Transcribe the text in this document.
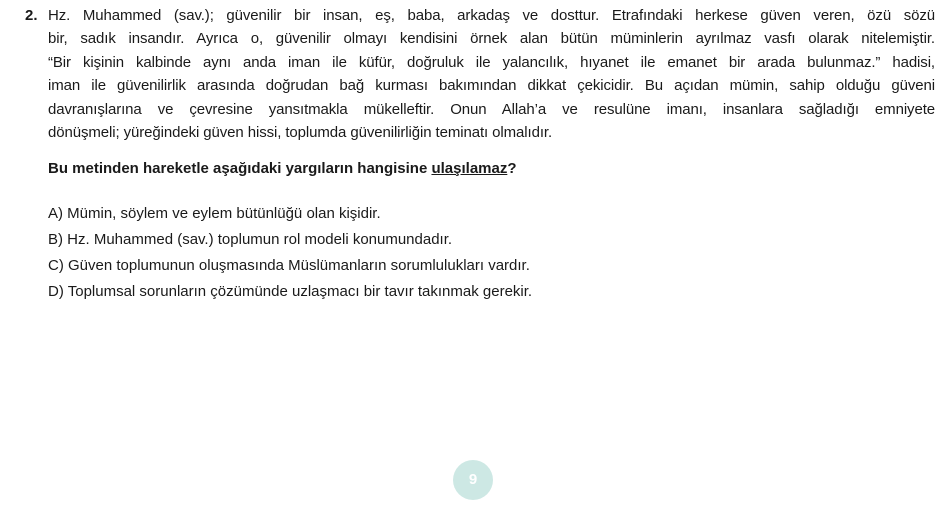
2. Hz. Muhammed (sav.); güvenilir bir insan, eş, baba, arkadaş ve dosttur. Etrafındaki herkese güven veren, özü sözü
bir, sadık insandır. Ayrıca o, güvenilir olmayı kendisini örnek alan bütün müminlerin ayrılmaz vasfı olarak nitelemiştir.
“Bir kişinin kalbinde aynı anda iman ile küfür, doğruluk ile yalancılık, hıyanet ile emanet bir arada bulunmaz.” hadisi,
iman ile güvenilirlik arasında doğrudan bağ kurması bakımından dikkat çekicidir. Bu açıdan mümin, sahip olduğu güveni
davranışlarına ve çevresine yansıtmakla mükelleftir. Onun Allah’a ve resulüne imanı, insanlara sağladığı emniyete
dönüşmeli; yüreğindeki güven hissi, toplumda güvenilirliğin teminatı olmalıdır.
Bu metinden hareketle aşağıdaki yargıların hangisine ulaşılamaz?
A) Mümin, söylem ve eylem bütünlüğü olan kişidir.
B) Hz. Muhammed (sav.) toplumun rol modeli konumundadır.
C) Güven toplumunun oluşmasında Müslümanların sorumlulukları vardır.
D) Toplumsal sorunların çözümünde uzlaşmacı bir tavır takınmak gerekir.
9
